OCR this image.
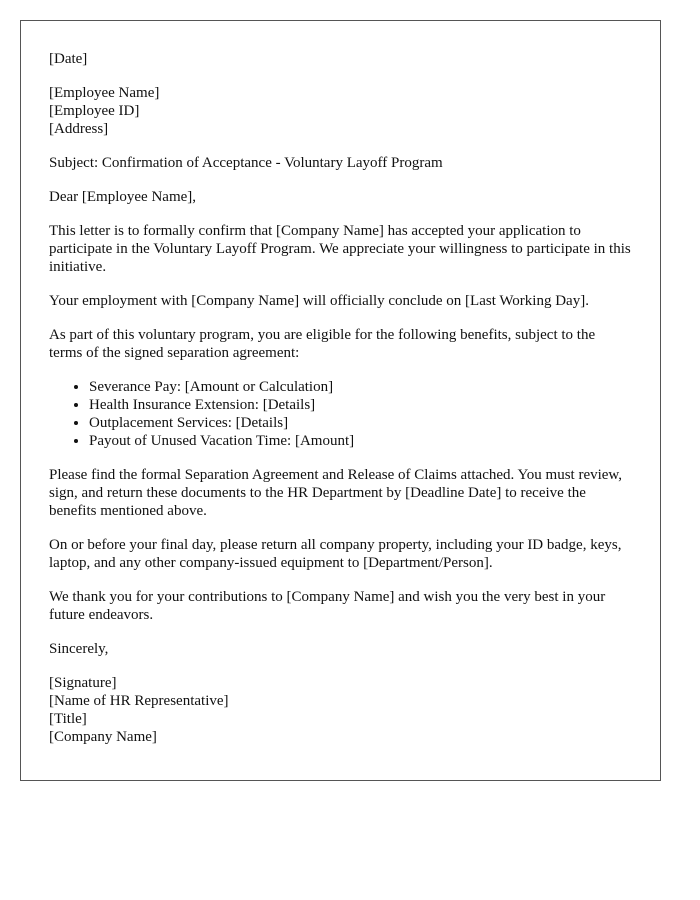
[Date]

[Employee Name]
[Employee ID]
[Address]

Subject: Confirmation of Acceptance - Voluntary Layoff Program

Dear [Employee Name],

This letter is to formally confirm that [Company Name] has accepted your application to participate in the Voluntary Layoff Program. We appreciate your willingness to participate in this initiative.

Your employment with [Company Name] will officially conclude on [Last Working Day].

As part of this voluntary program, you are eligible for the following benefits, subject to the terms of the signed separation agreement:

• Severance Pay: [Amount or Calculation]
• Health Insurance Extension: [Details]
• Outplacement Services: [Details]
• Payout of Unused Vacation Time: [Amount]

Please find the formal Separation Agreement and Release of Claims attached. You must review, sign, and return these documents to the HR Department by [Deadline Date] to receive the benefits mentioned above.

On or before your final day, please return all company property, including your ID badge, keys, laptop, and any other company-issued equipment to [Department/Person].

We thank you for your contributions to [Company Name] and wish you the very best in your future endeavors.

Sincerely,

[Signature]
[Name of HR Representative]
[Title]
[Company Name]
